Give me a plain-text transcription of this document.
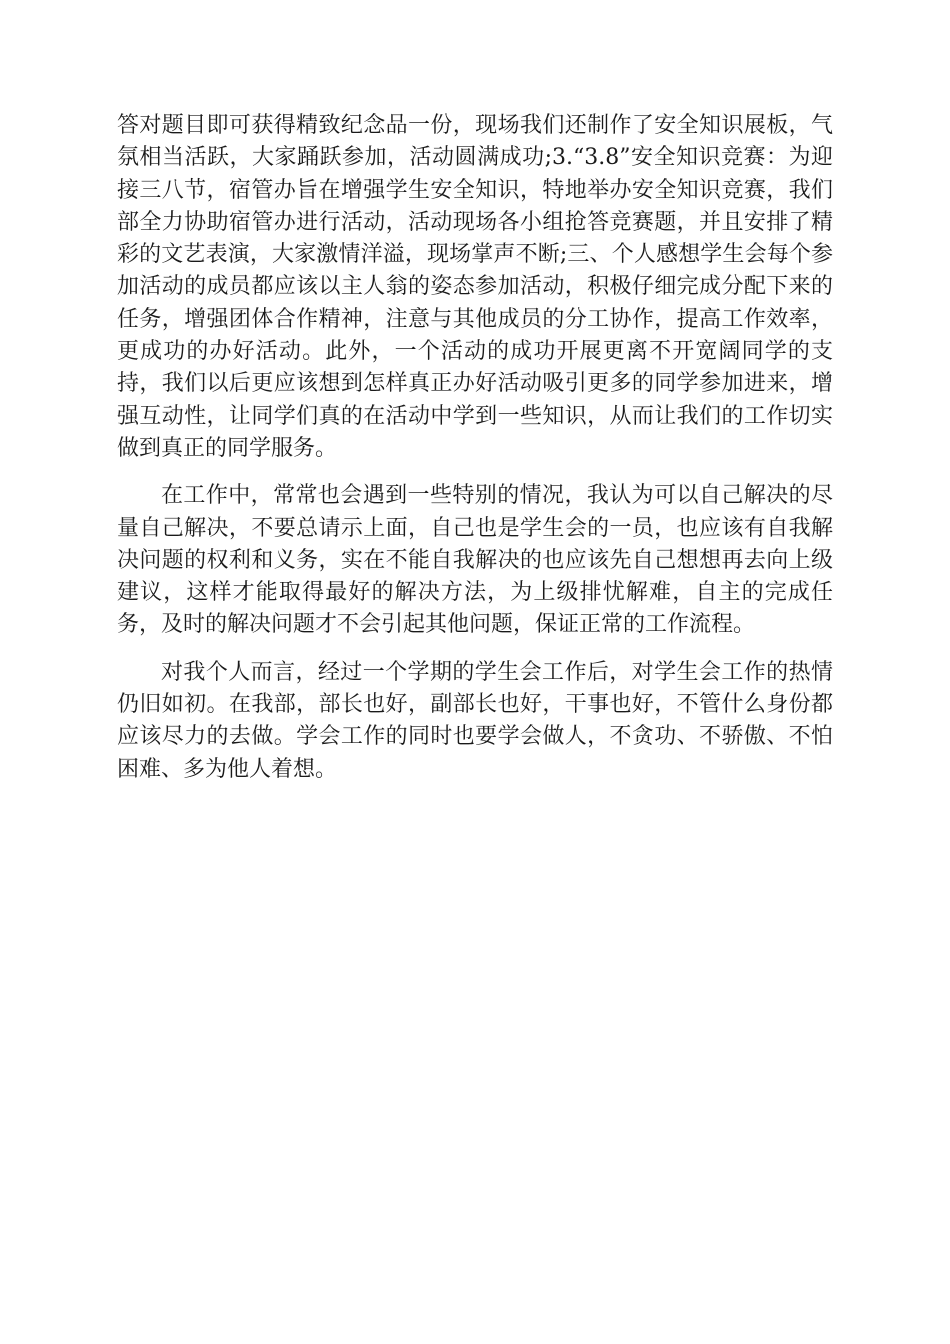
答对题目即可获得精致纪念品一份，现场我们还制作了安全知识展板，气氛相当活跃，大家踊跃参加，活动圆满成功;3.“3.8”安全知识竞赛：为迎接三八节，宿管办旨在增强学生安全知识，特地举办安全知识竞赛，我们部全力协助宿管办进行活动，活动现场各小组抢答竞赛题，并且安排了精彩的文艺表演，大家激情洋溢，现场掌声不断;三、个人感想学生会每个参加活动的成员都应该以主人翁的姿态参加活动，积极仔细完成分配下来的任务，增强团体合作精神，注意与其他成员的分工协作，提高工作效率，更成功的办好活动。此外，一个活动的成功开展更离不开宽阔同学的支持，我们以后更应该想到怎样真正办好活动吸引更多的同学参加进来，增强互动性，让同学们真的在活动中学到一些知识，从而让我们的工作切实做到真正的同学服务。

在工作中，常常也会遇到一些特别的情况，我认为可以自己解决的尽量自己解决，不要总请示上面，自己也是学生会的一员，也应该有自我解决问题的权利和义务，实在不能自我解决的也应该先自己想想再去向上级建议，这样才能取得最好的解决方法，为上级排忧解难，自主的完成任务，及时的解决问题才不会引起其他问题，保证正常的工作流程。

对我个人而言，经过一个学期的学生会工作后，对学生会工作的热情仍旧如初。在我部，部长也好，副部长也好，干事也好，不管什么身份都应该尽力的去做。学会工作的同时也要学会做人，不贪功、不骄傲、不怕困难、多为他人着想。
